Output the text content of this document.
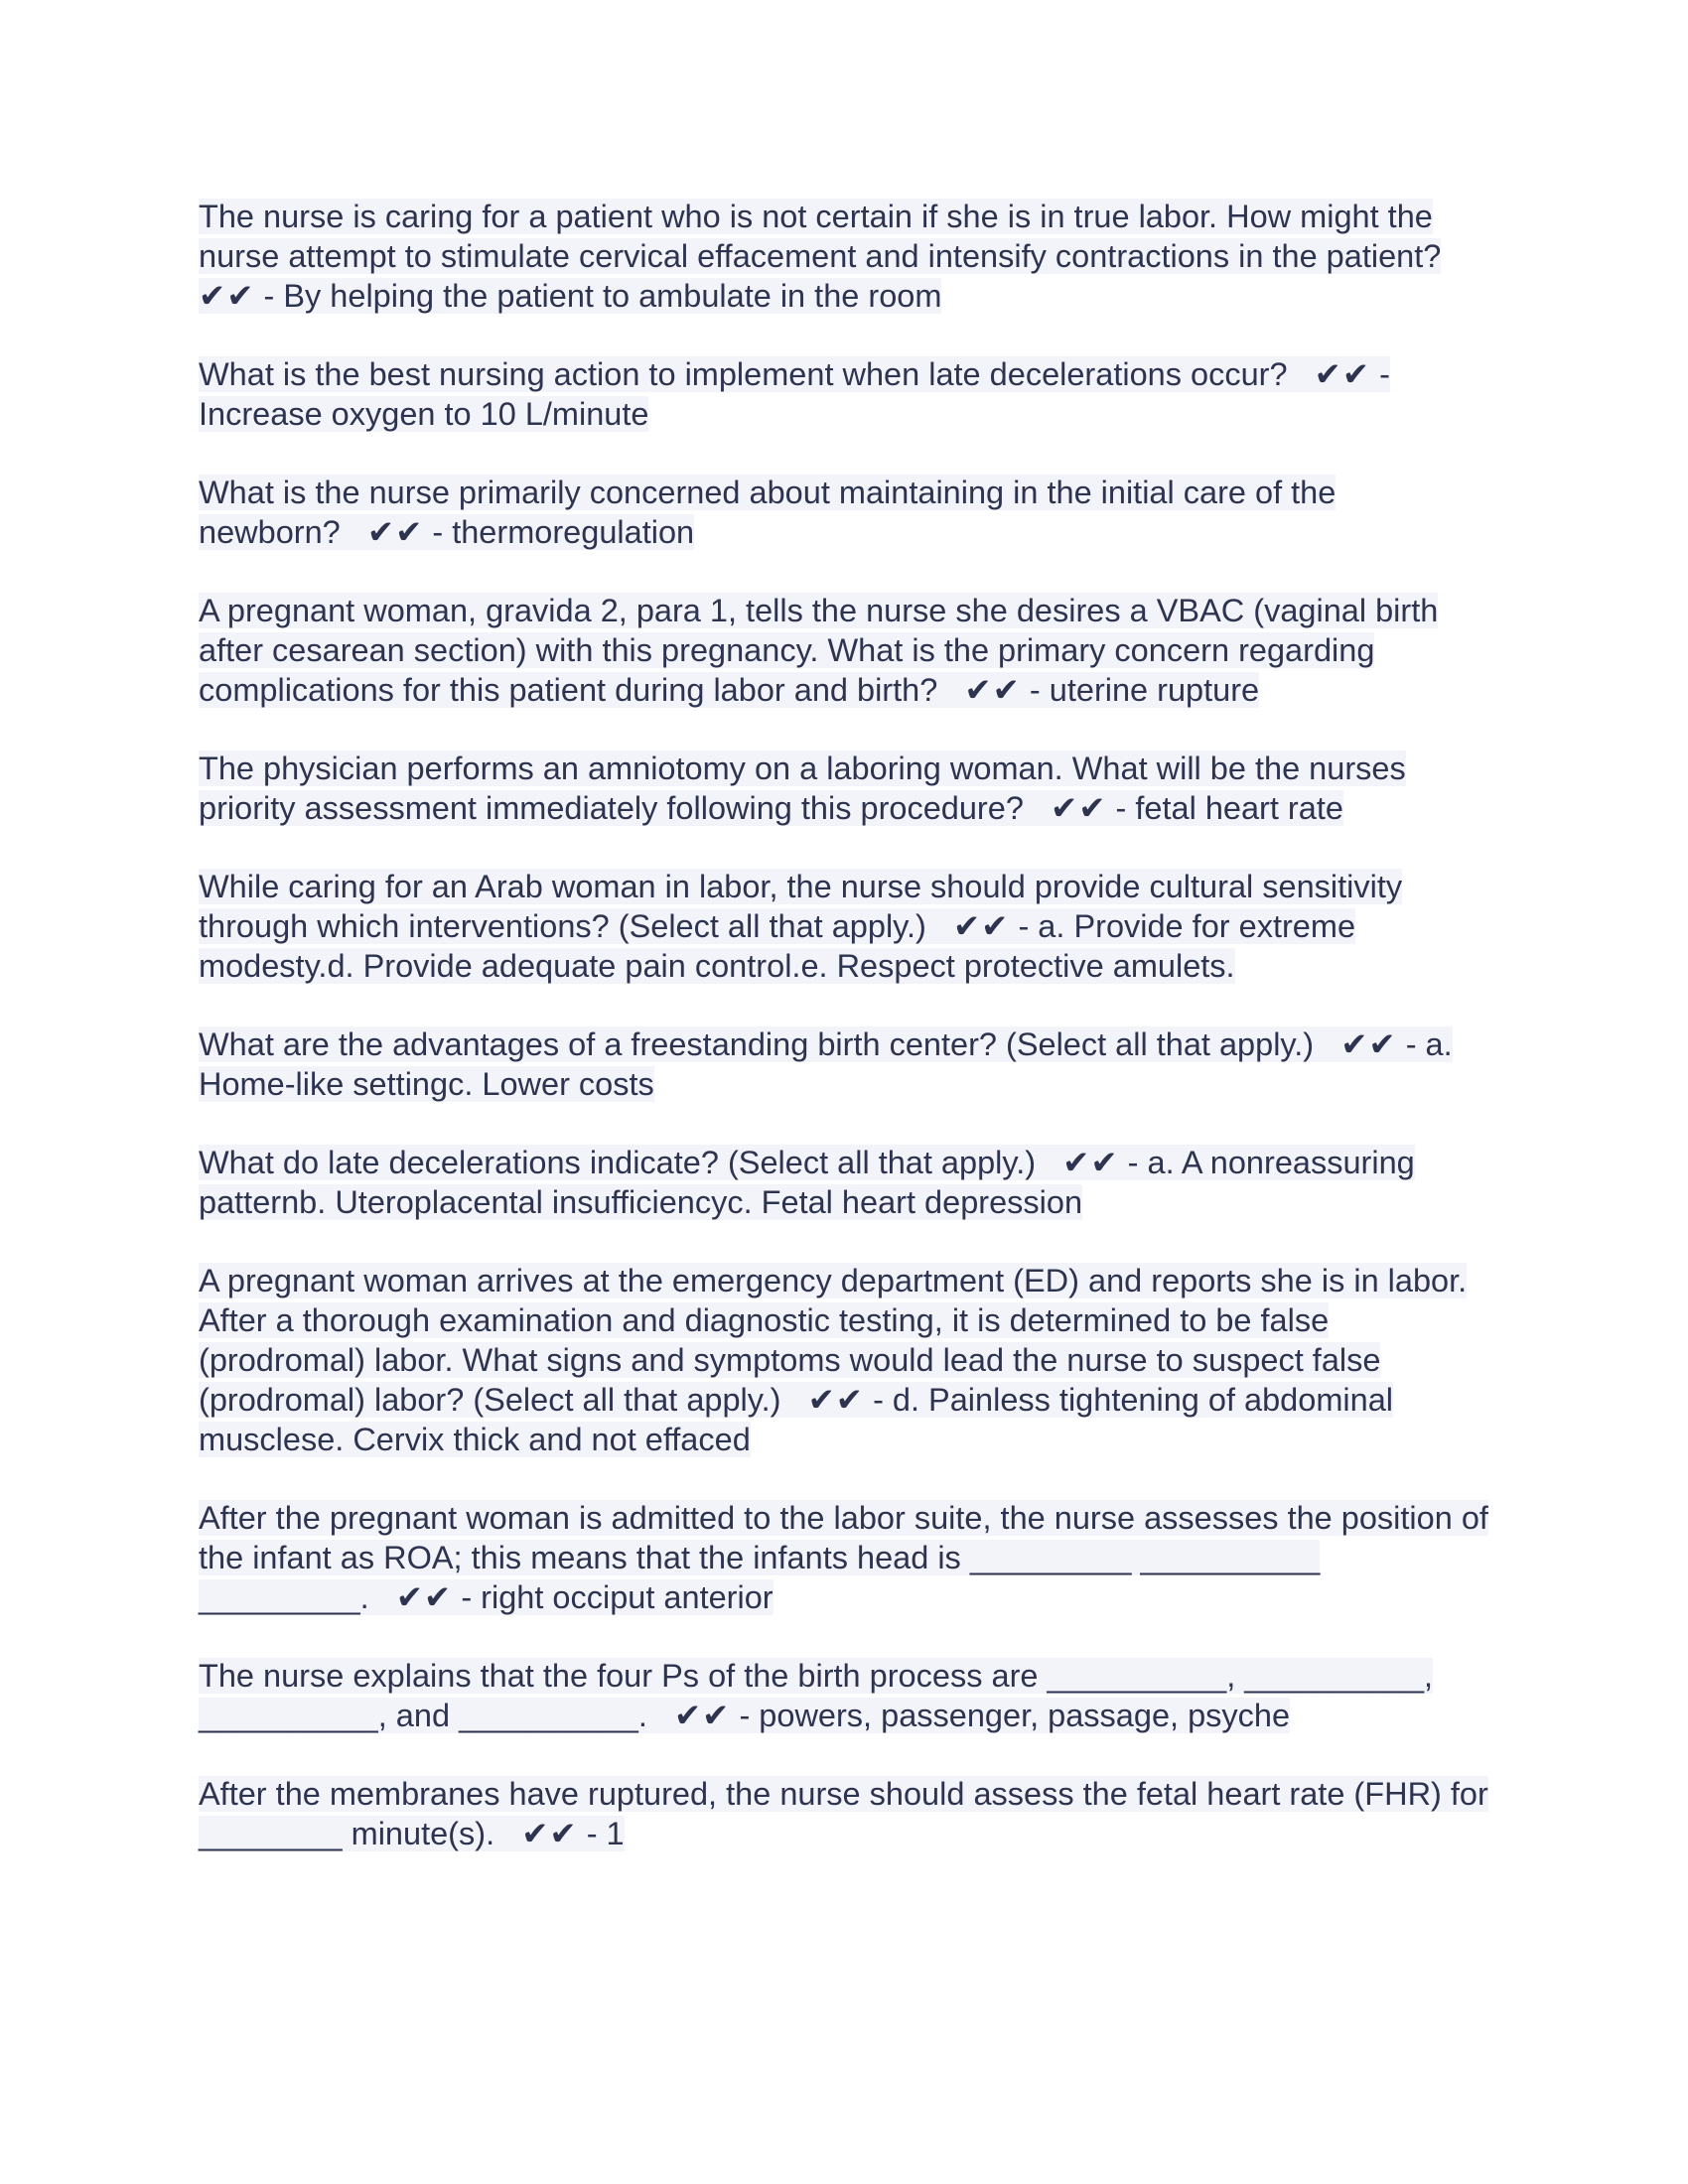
The nurse is caring for a patient who is not certain if she is in true labor. How might the nurse attempt to stimulate cervical effacement and intensify contractions in the patient? ✔✔ - By helping the patient to ambulate in the room

What is the best nursing action to implement when late decelerations occur? ✔✔ - Increase oxygen to 10 L/minute

What is the nurse primarily concerned about maintaining in the initial care of the newborn? ✔✔ - thermoregulation

A pregnant woman, gravida 2, para 1, tells the nurse she desires a VBAC (vaginal birth after cesarean section) with this pregnancy. What is the primary concern regarding complications for this patient during labor and birth? ✔✔ - uterine rupture

The physician performs an amniotomy on a laboring woman. What will be the nurses priority assessment immediately following this procedure? ✔✔ - fetal heart rate

While caring for an Arab woman in labor, the nurse should provide cultural sensitivity through which interventions? (Select all that apply.) ✔✔ - a. Provide for extreme modesty.d. Provide adequate pain control.e. Respect protective amulets.

What are the advantages of a freestanding birth center? (Select all that apply.) ✔✔ - a. Home-like settingc. Lower costs

What do late decelerations indicate? (Select all that apply.) ✔✔ - a. A nonreassuring patternb. Uteroplacental insufficiencyc. Fetal heart depression

A pregnant woman arrives at the emergency department (ED) and reports she is in labor. After a thorough examination and diagnostic testing, it is determined to be false (prodromal) labor. What signs and symptoms would lead the nurse to suspect false (prodromal) labor? (Select all that apply.) ✔✔ - d. Painless tightening of abdominal musclese. Cervix thick and not effaced

After the pregnant woman is admitted to the labor suite, the nurse assesses the position of the infant as ROA; this means that the infants head is _________ __________ _________. ✔✔ - right occiput anterior

The nurse explains that the four Ps of the birth process are __________, __________, __________, and __________. ✔✔ - powers, passenger, passage, psyche

After the membranes have ruptured, the nurse should assess the fetal heart rate (FHR) for ________ minute(s). ✔✔ - 1
